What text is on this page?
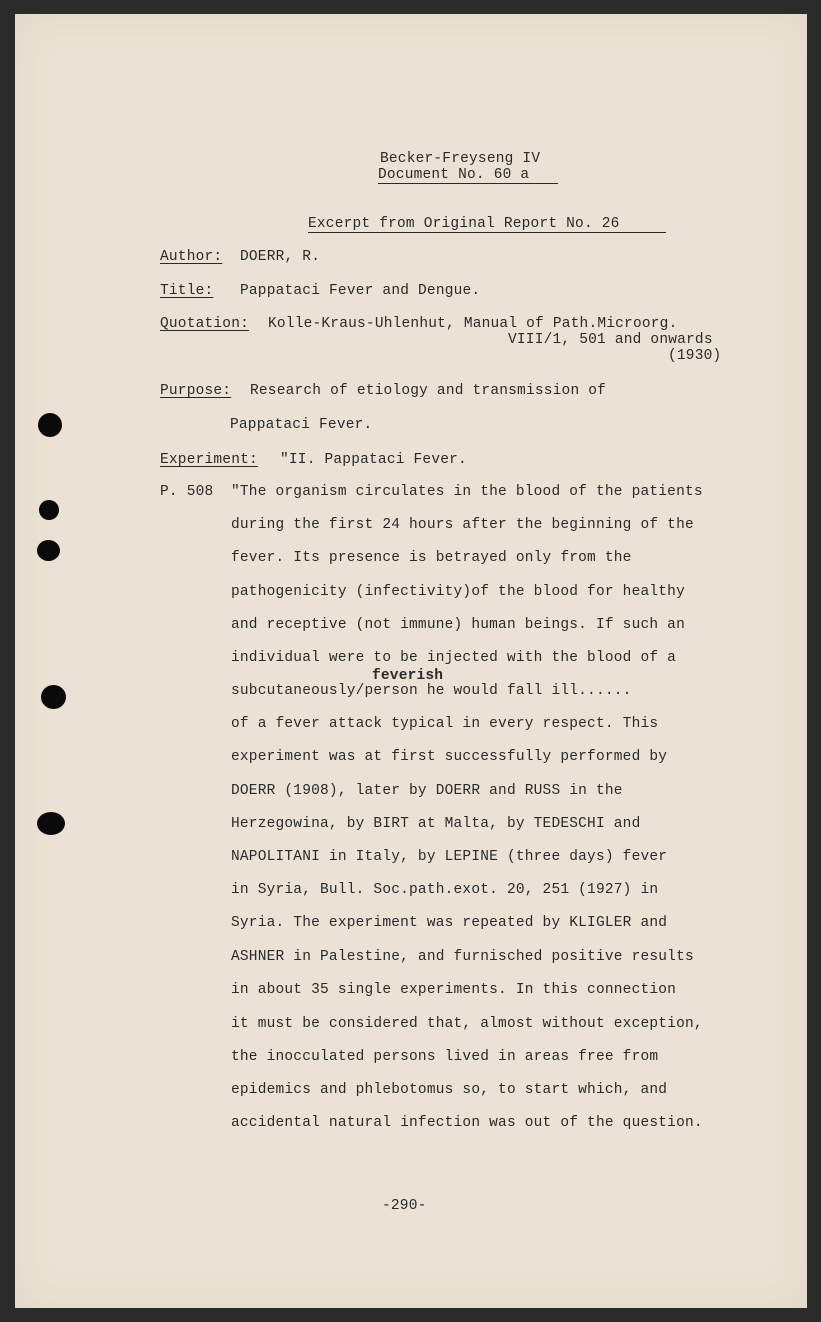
Becker-Freyseng IV
Document No. 60 a
Excerpt from Original Report No. 26
Author: DOERR, R.
Title: Pappataci Fever and Dengue.
Quotation: Kolle-Kraus-Uhlenhut, Manual of Path.Microorg.
VIII/1, 501 and onwards
(1930)
Purpose: Research of etiology and transmission of
Pappataci Fever.
Experiment: "II. Pappataci Fever.
P. 508
feverish
"The organism circulates in the blood of the patients
during the first 24 hours after the beginning of the
fever. Its presence is betrayed only from the
pathogenicity (infectivity)of the blood for healthy
and receptive (not immune) human beings. If such an
individual were to be injected with the blood of a
subcutaneously/person he would fall ill......
of a fever attack typical in every respect. This
experiment was at first successfully performed by
DOERR (1908), later by DOERR and RUSS in the
Herzegowina, by BIRT at Malta, by TEDESCHI and
NAPOLITANI in Italy, by LEPINE (three days) fever
in Syria, Bull. Soc.path.exot. 20, 251 (1927) in
Syria. The experiment was repeated by KLIGLER and
ASHNER in Palestine, and furnisched positive results
in about 35 single experiments. In this connection
it must be considered that, almost without exception,
the inocculated persons lived in areas free from
epidemics and phlebotomus so, to start which, and
accidental natural infection was out of the question.
-290-
